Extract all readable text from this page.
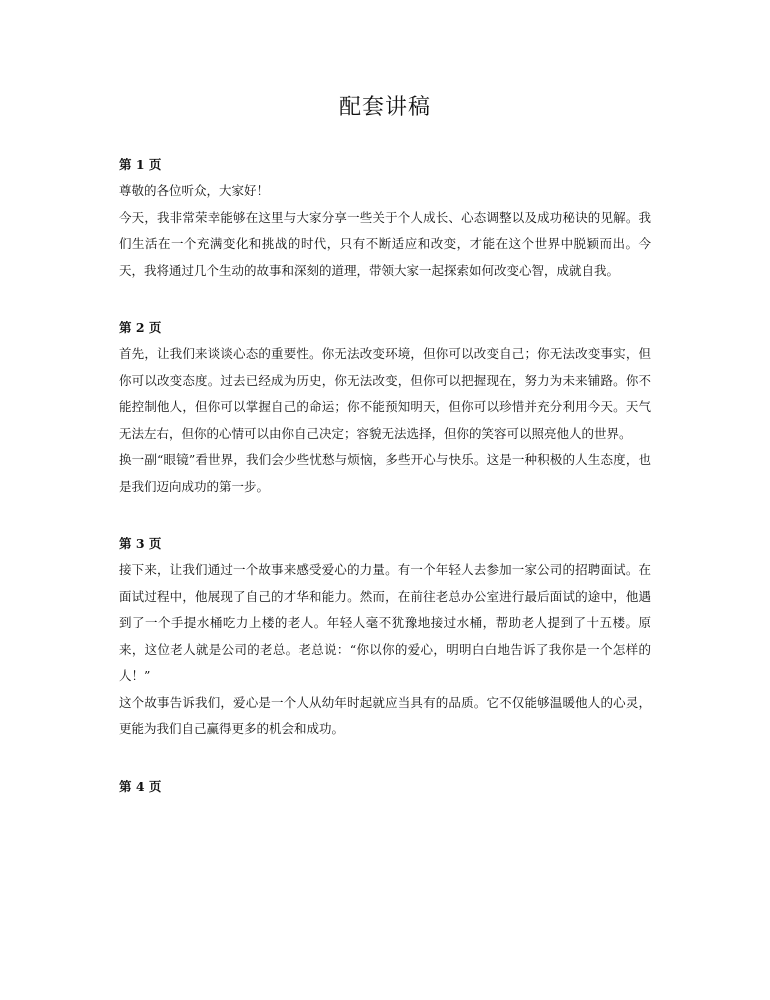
配套讲稿
第 1 页

尊敬的各位听众，大家好！

今天，我非常荣幸能够在这里与大家分享一些关于个人成长、心态调整以及成功秘诀的见解。我们生活在一个充满变化和挑战的时代，只有不断适应和改变，才能在这个世界中脱颖而出。今天，我将通过几个生动的故事和深刻的道理，带领大家一起探索如何改变心智，成就自我。

第 2 页

首先，让我们来谈谈心态的重要性。你无法改变环境，但你可以改变自己；你无法改变事实，但你可以改变态度。过去已经成为历史，你无法改变，但你可以把握现在，努力为未来铺路。你不能控制他人，但你可以掌握自己的命运；你不能预知明天，但你可以珍惜并充分利用今天。天气无法左右，但你的心情可以由你自己决定；容貌无法选择，但你的笑容可以照亮他人的世界。

换一副“眼镜”看世界，我们会少些忧愁与烦恼，多些开心与快乐。这是一种积极的人生态度，也是我们迈向成功的第一步。

第 3 页

接下来，让我们通过一个故事来感受爱心的力量。有一个年轻人去参加一家公司的招聘面试。在面试过程中，他展现了自己的才华和能力。然而，在前往老总办公室进行最后面试的途中，他遇到了一个手提水桶吃力上楼的老人。年轻人毫不犹豫地接过水桶，帮助老人提到了十五楼。原来，这位老人就是公司的老总。老总说：“你以你的爱心，明明白白地告诉了我你是一个怎样的人！”

这个故事告诉我们，爱心是一个人从幼年时起就应当具有的品质。它不仅能够温暖他人的心灵，更能为我们自己赢得更多的机会和成功。

第 4 页
